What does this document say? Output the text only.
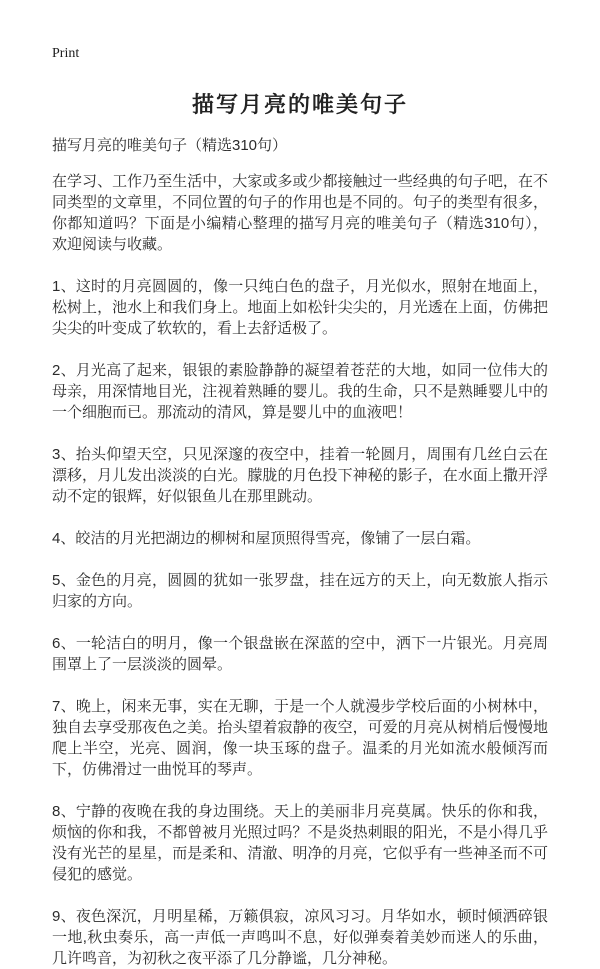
Print
描写月亮的唯美句子

描写月亮的唯美句子（精选310句）

在学习、工作乃至生活中，大家或多或少都接触过一些经典的句子吧，在不同类型的文章里，不同位置的句子的作用也是不同的。句子的类型有很多，你都知道吗？下面是小编精心整理的描写月亮的唯美句子（精选310句），欢迎阅读与收藏。

1、这时的月亮圆圆的，像一只纯白色的盘子，月光似水，照射在地面上，松树上，池水上和我们身上。地面上如松针尖尖的，月光透在上面，仿佛把尖尖的叶变成了软软的，看上去舒适极了。

2、月光高了起来，银银的素脸静静的凝望着苍茫的大地，如同一位伟大的母亲，用深情地目光，注视着熟睡的婴儿。我的生命，只不是熟睡婴儿中的一个细胞而已。那流动的清风，算是婴儿中的血液吧！

3、抬头仰望天空，只见深邃的夜空中，挂着一轮圆月，周围有几丝白云在漂移，月儿发出淡淡的白光。朦胧的月色投下神秘的影子，在水面上撒开浮动不定的银辉，好似银鱼儿在那里跳动。

4、皎洁的月光把湖边的柳树和屋顶照得雪亮，像铺了一层白霜。

5、金色的月亮，圆圆的犹如一张罗盘，挂在远方的天上，向无数旅人指示归家的方向。

6、一轮洁白的明月，像一个银盘嵌在深蓝的空中，洒下一片银光。月亮周围罩上了一层淡淡的圆晕。

7、晚上，闲来无事，实在无聊，于是一个人就漫步学校后面的小树林中，独自去享受那夜色之美。抬头望着寂静的夜空，可爱的月亮从树梢后慢慢地爬上半空，光亮、圆润，像一块玉琢的盘子。温柔的月光如流水般倾泻而下，仿佛滑过一曲悦耳的琴声。

8、宁静的夜晚在我的身边围绕。天上的美丽非月亮莫属。快乐的你和我，烦恼的你和我，不都曾被月光照过吗？不是炎热刺眼的阳光，不是小得几乎没有光芒的星星，而是柔和、清澈、明净的月亮，它似乎有一些神圣而不可侵犯的感觉。

9、夜色深沉，月明星稀，万籁俱寂，凉风习习。月华如水，顿时倾洒碎银一地,秋虫奏乐，高一声低一声鸣叫不息，好似弹奏着美妙而迷人的乐曲，几许鸣音，为初秋之夜平添了几分静谧，几分神秘。
